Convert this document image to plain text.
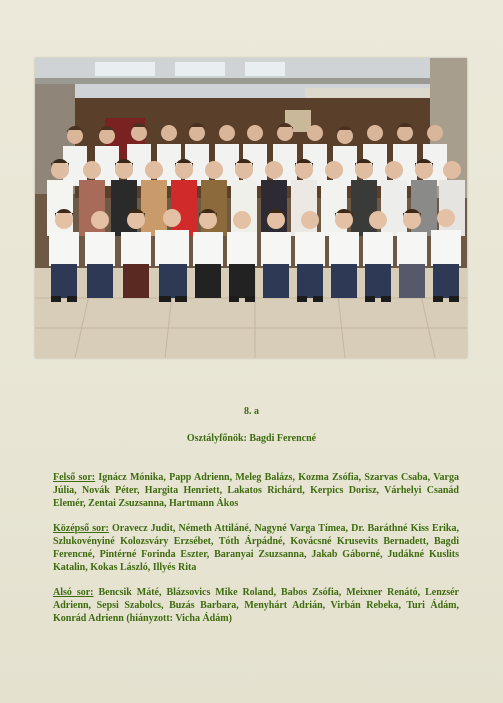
8. a
Osztályfőnök: Bagdi Ferencné
Felső sor: Ignácz Mónika, Papp Adrienn, Meleg Balázs, Kozma Zsófia, Szarvas Csaba, Varga Júlia, Novák Péter, Hargita Henriett, Lakatos Richárd, Kerpics Dorisz, Várhelyi Csanád Elemér, Zentai Zsuzsanna, Hartmann Ákos
Középső sor: Oravecz Judit, Németh Attiláné, Nagyné Varga Tímea, Dr. Baráthné Kiss Erika, Szlukovényiné Kolozsváry Erzsébet, Tóth Árpádné, Kovácsné Krusevits Bernadett, Bagdi Ferencné, Pintérné Forinda Eszter, Baranyai Zsuzsanna, Jakab Gáborné, Judákné Kuslits Katalin, Kokas László, Illyés Rita
Alsó sor: Bencsik Máté, Blázsovics Mike Roland, Babos Zsófia, Meixner Renátó, Lenzsér Adrienn, Sepsi Szabolcs, Buzás Barbara, Menyhárt Adrián, Virbán Rebeka, Turi Ádám, Konrád Adrienn (hiányzott: Vicha Ádám)
